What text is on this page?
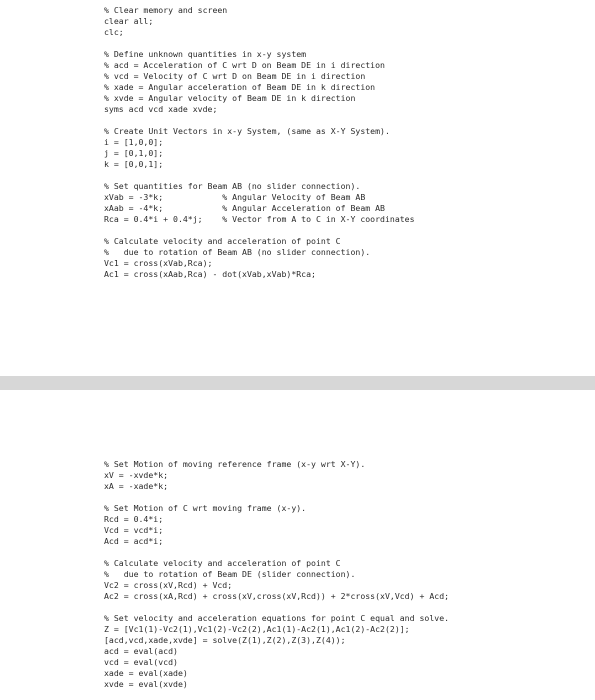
% Clear memory and screen
clear all;
clc;
% Define unknown quantities in x-y system
% acd = Acceleration of C wrt D on Beam DE in i direction
% vcd = Velocity of C wrt D on Beam DE in i direction
% xade = Angular acceleration of Beam DE in k direction
% xvde = Angular velocity of Beam DE in k direction
syms acd vcd xade xvde;
% Create Unit Vectors in x-y System, (same as X-Y System).
i = [1,0,0];
j = [0,1,0];
k = [0,0,1];
% Set quantities for Beam AB (no slider connection).
xVab = -3*k;            % Angular Velocity of Beam AB
xAab = -4*k;            % Angular Acceleration of Beam AB
Rca = 0.4*i + 0.4*j;    % Vector from A to C in X-Y coordinates
% Calculate velocity and acceleration of point C
%   due to rotation of Beam AB (no slider connection).
Vc1 = cross(xVab,Rca);
Ac1 = cross(xAab,Rca) - dot(xVab,xVab)*Rca;
% Set Motion of moving reference frame (x-y wrt X-Y).
xV = -xvde*k;
xA = -xade*k;
% Set Motion of C wrt moving frame (x-y).
Rcd = 0.4*i;
Vcd = vcd*i;
Acd = acd*i;
% Calculate velocity and acceleration of point C
%   due to rotation of Beam DE (slider connection).
Vc2 = cross(xV,Rcd) + Vcd;
Ac2 = cross(xA,Rcd) + cross(xV,cross(xV,Rcd)) + 2*cross(xV,Vcd) + Acd;
% Set velocity and acceleration equations for point C equal and solve.
Z = [Vc1(1)-Vc2(1),Vc1(2)-Vc2(2),Ac1(1)-Ac2(1),Ac1(2)-Ac2(2)];
[acd,vcd,xade,xvde] = solve(Z(1),Z(2),Z(3),Z(4));
acd = eval(acd)
vcd = eval(vcd)
xade = eval(xade)
xvde = eval(xvde)
